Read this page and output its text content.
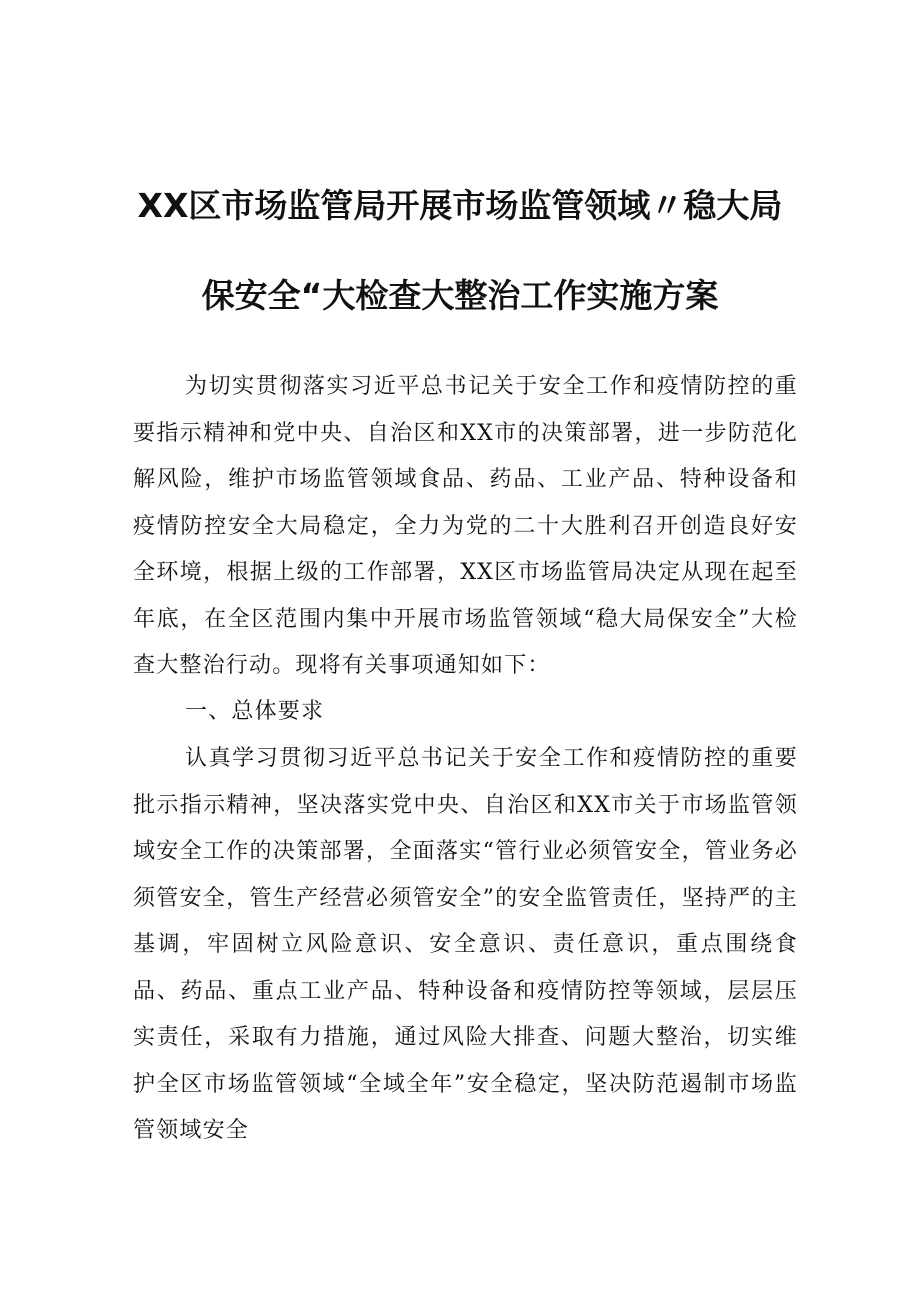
XX区市场监管局开展市场监管领域〃稳大局
保安全“大检查大整治工作实施方案

为切实贯彻落实习近平总书记关于安全工作和疫情防控的重要指示精神和党中央、自治区和XX市的决策部署，进一步防范化解风险，维护市场监管领域食品、药品、工业产品、特种设备和疫情防控安全大局稳定，全力为党的二十大胜利召开创造良好安全环境，根据上级的工作部署，XX区市场监管局决定从现在起至年底，在全区范围内集中开展市场监管领域“稳大局保安全”大检查大整治行动。现将有关事项通知如下：

一、总体要求

认真学习贯彻习近平总书记关于安全工作和疫情防控的重要批示指示精神，坚决落实党中央、自治区和XX市关于市场监管领域安全工作的决策部署，全面落实“管行业必须管安全，管业务必须管安全，管生产经营必须管安全”的安全监管责任，坚持严的主基调，牢固树立风险意识、安全意识、责任意识，重点围绕食品、药品、重点工业产品、特种设备和疫情防控等领域，层层压实责任，采取有力措施，通过风险大排查、问题大整治，切实维护全区市场监管领域“全域全年”安全稳定，坚决防范遏制市场监管领域安全
